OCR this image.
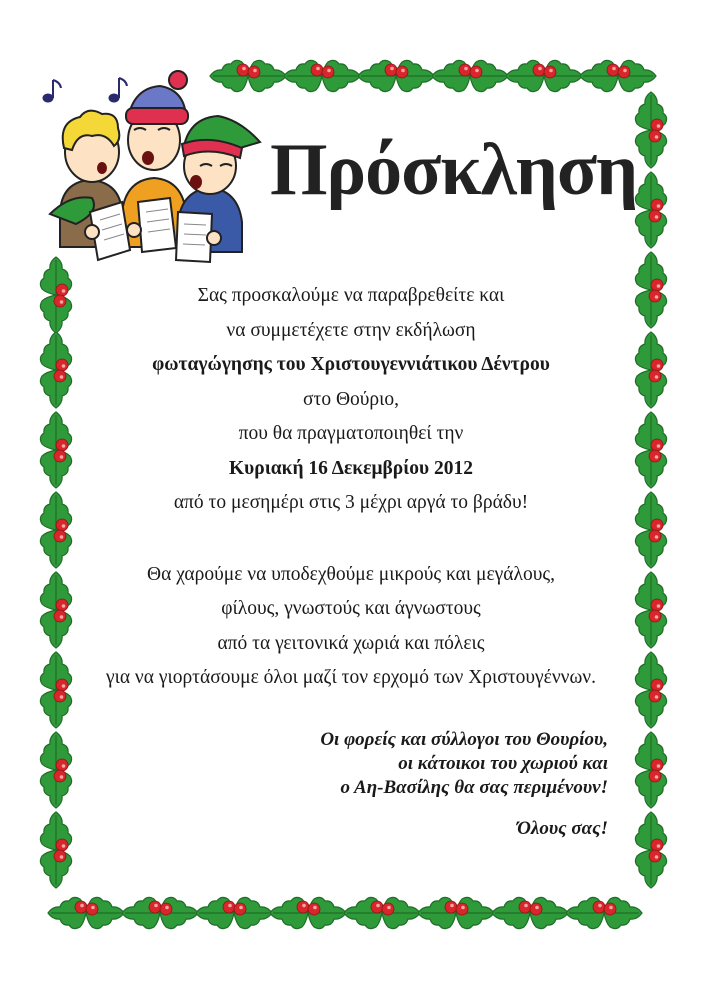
Πρόσκληση
Σας προσκαλούμε να παραβρεθείτε και
να συμμετέχετε στην εκδήλωση
φωταγώγησης του Χριστουγεννιάτικου Δέντρου
στο Θούριο,
που θα πραγματοποιηθεί την
Κυριακή 16 Δεκεμβρίου 2012
από το μεσημέρι στις 3 μέχρι αργά το βράδυ!
Θα χαρούμε να υποδεχθούμε μικρούς και μεγάλους,
φίλους, γνωστούς και άγνωστους
από τα γειτονικά χωριά και πόλεις
για να γιορτάσουμε όλοι μαζί τον ερχομό των Χριστουγέννων.
Οι φορείς και σύλλογοι του Θουρίου,
οι κάτοικοι του χωριού και
ο Αη-Βασίλης θα σας περιμένουν!
Όλους σας!
